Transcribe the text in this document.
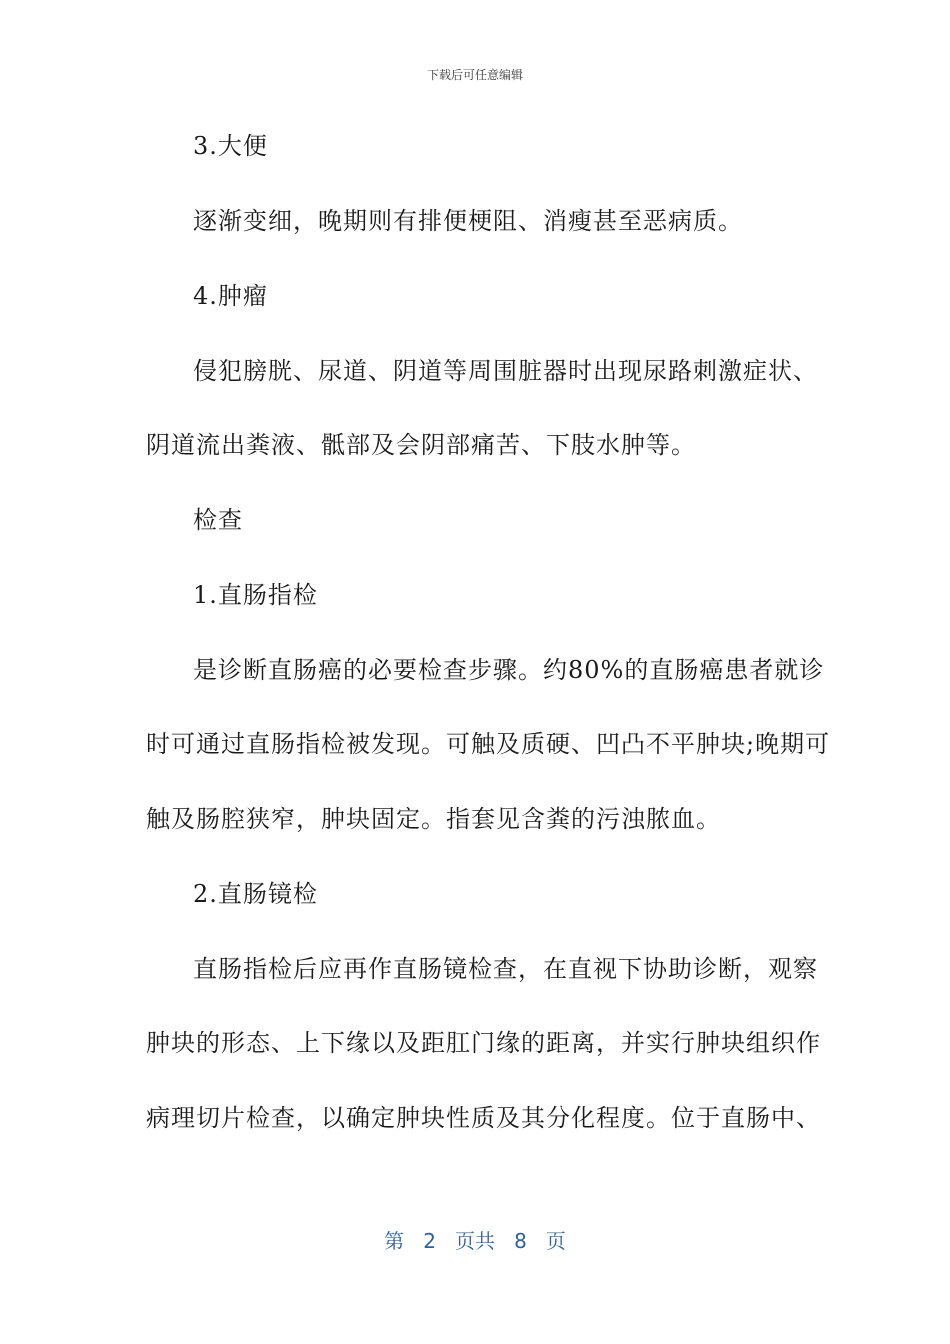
下载后可任意编辑
3.大便
逐渐变细，晚期则有排便梗阻、消瘦甚至恶病质。
4.肿瘤
侵犯膀胱、尿道、阴道等周围脏器时出现尿路刺激症状、
阴道流出粪液、骶部及会阴部痛苦、下肢水肿等。
检查
1.直肠指检
是诊断直肠癌的必要检查步骤。约80%的直肠癌患者就诊
时可通过直肠指检被发现。可触及质硬、凹凸不平肿块;晚期可
触及肠腔狭窄，肿块固定。指套见含粪的污浊脓血。
2.直肠镜检
直肠指检后应再作直肠镜检查，在直视下协助诊断，观察
肿块的形态、上下缘以及距肛门缘的距离，并实行肿块组织作
病理切片检查，以确定肿块性质及其分化程度。位于直肠中、
第 2 页共 8 页
